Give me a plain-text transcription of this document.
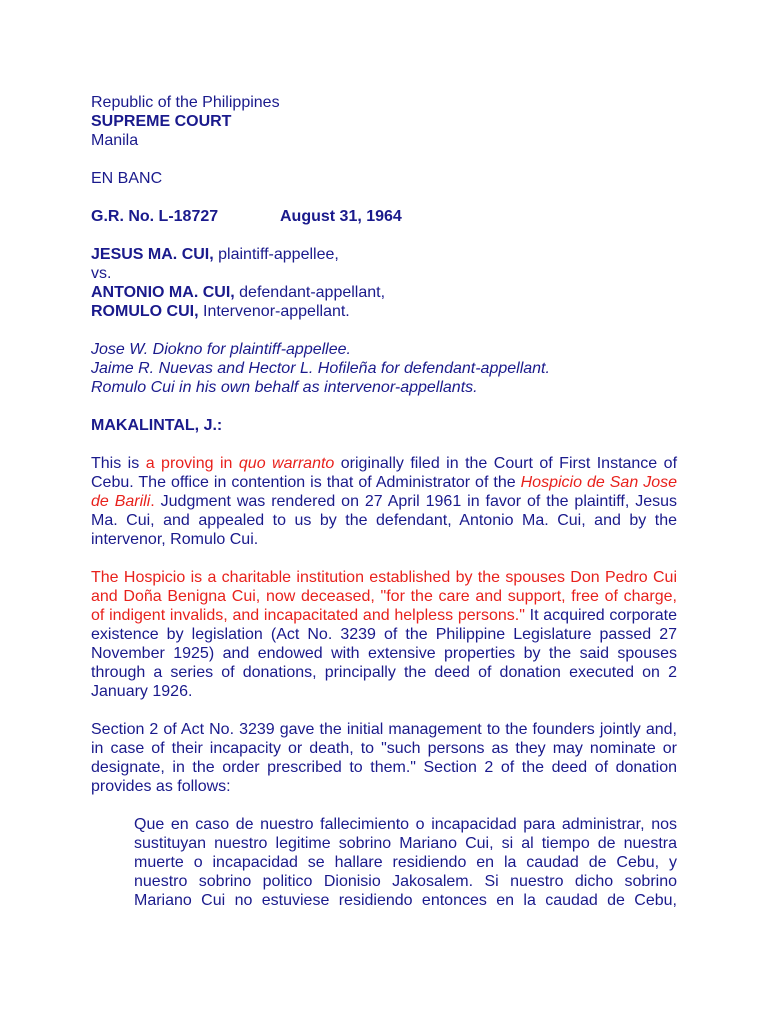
Republic of the Philippines
SUPREME COURT
Manila
EN BANC
G.R. No. L-18727	August 31, 1964
JESUS MA. CUI, plaintiff-appellee,
vs.
ANTONIO MA. CUI, defendant-appellant,
ROMULO CUI, Intervenor-appellant.
Jose W. Diokno for plaintiff-appellee.
Jaime R. Nuevas and Hector L. Hofileña for defendant-appellant.
Romulo Cui in his own behalf as intervenor-appellants.
MAKALINTAL, J.:

This is a proving in quo warranto originally filed in the Court of First Instance of Cebu. The office in contention is that of Administrator of the Hospicio de San Jose de Barili. Judgment was rendered on 27 April 1961 in favor of the plaintiff, Jesus Ma. Cui, and appealed to us by the defendant, Antonio Ma. Cui, and by the intervenor, Romulo Cui.

The Hospicio is a charitable institution established by the spouses Don Pedro Cui and Doña Benigna Cui, now deceased, "for the care and support, free of charge, of indigent invalids, and incapacitated and helpless persons." It acquired corporate existence by legislation (Act No. 3239 of the Philippine Legislature passed 27 November 1925) and endowed with extensive properties by the said spouses through a series of donations, principally the deed of donation executed on 2 January 1926.

Section 2 of Act No. 3239 gave the initial management to the founders jointly and, in case of their incapacity or death, to "such persons as they may nominate or designate, in the order prescribed to them." Section 2 of the deed of donation provides as follows:

Que en caso de nuestro fallecimiento o incapacidad para administrar, nos
sustituyan nuestro legitime sobrino Mariano Cui, si al tiempo de nuestra
muerte o incapacidad se hallare residiendo en la caudad de Cebu, y
nuestro sobrino politico Dionisio Jakosalem. Si nuestro dicho sobrino
Mariano Cui no estuviese residiendo entonces en la caudad de Cebu,
